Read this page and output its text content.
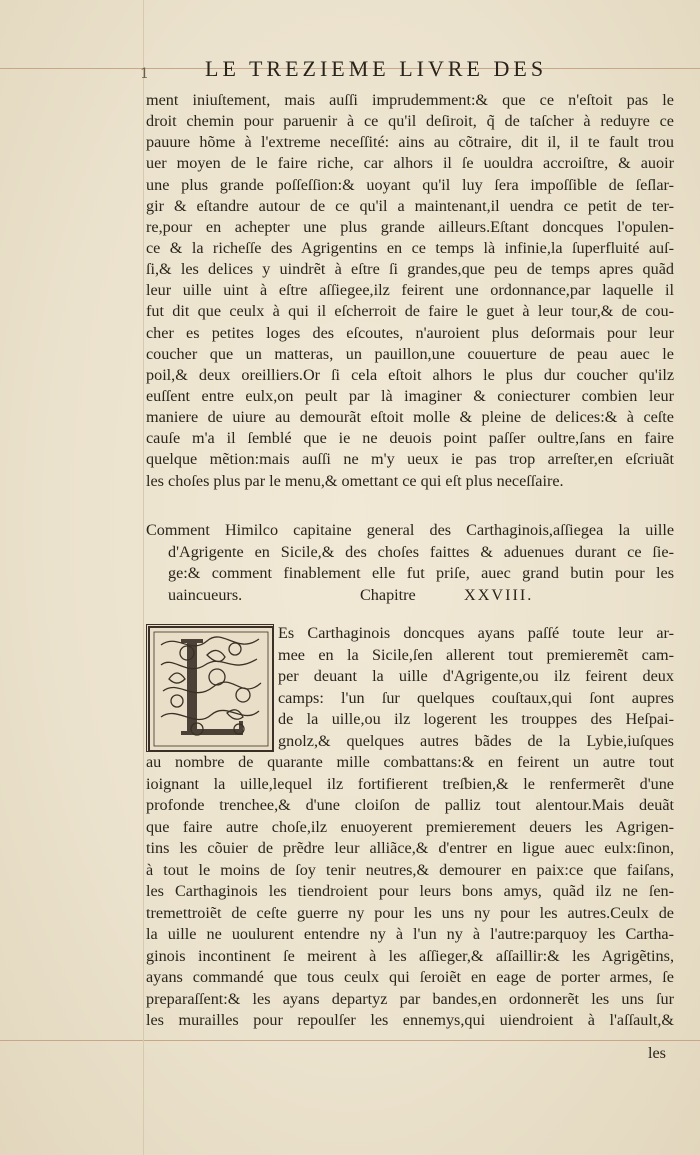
1	LE TREZIEME LIVRE DES
ment iniuſtement, mais auſſi imprudemment:& que ce n'eſtoit pas le
droit chemin pour paruenir à ce qu'il deſiroit, q̃ de taſcher à reduyre ce
pauure hõme à l'extreme neceſſité: ains au cõtraire, dit il, il te fault trou
uer moyen de le faire riche, car alhors il ſe uouldra accroiſtre, & auoir
une plus grande poſſeſſion:& uoyant qu'il luy ſera impoſſible de ſeſlar-
gir & eſtandre autour de ce qu'il a maintenant,il uendra ce petit de ter-
re,pour en achepter une plus grande ailleurs.Eſtant doncques l'opulen-
ce & la richeſſe des Agrigentins en ce temps là infinie,la ſuperfluité auſ-
ſi,& les delices y uindrẽt à eſtre ſi grandes,que peu de temps apres quãd
leur uille uint à eſtre aſſiegee,ilz feirent une ordonnance,par laquelle il
fut dit que ceulx à qui il eſcherroit de faire le guet à leur tour,& de cou-
cher es petites loges des eſcoutes, n'auroient plus deſormais pour leur
coucher que un matteras, un pauillon,une couuerture de peau auec le
poil,& deux oreilliers.Or ſi cela eſtoit alhors le plus dur coucher qu'ilz
euſſent entre eulx,on peult par là imaginer & coniecturer combien leur
maniere de uiure au demourãt eſtoit molle & pleine de delices:& à ceſte
cauſe m'a il ſemblé que ie ne deuois point paſſer oultre,ſans en faire
quelque mẽtion:mais auſſi ne m'y ueux ie pas trop arreſter,en eſcriuãt
les choſes plus par le menu,& omettant ce qui eſt plus neceſſaire.
Comment Himilco capitaine general des Carthaginois,aſſiegea la uille
d'Agrigente en Sicile,& des choſes faittes & aduenues durant ce ſie-
ge:& comment finablement elle fut priſe, auec grand butin pour les
uaincueurs.	Chapitre	XXVIII.
Es Carthaginois doncques ayans paſſé toute leur ar-
mee en la Sicile,ſen allerent tout premieremẽt cam-
per deuant la uille d'Agrigente,ou ilz feirent deux
camps: l'un ſur quelques couſtaux,qui ſont aupres
de la uille,ou ilz logerent les trouppes des Heſpai-
gnolz,& quelques autres bãdes de la Lybie,iuſques
au nombre de quarante mille combattans:& en feirent un autre tout
ioignant la uille,lequel ilz fortifierent treſbien,& le renfermerẽt d'une
profonde trenchee,& d'une cloiſon de palliz tout alentour.Mais deuãt
que faire autre choſe,ilz enuoyerent premierement deuers les Agrigen-
tins les cõuier de prẽdre leur alliãce,& d'entrer en ligue auec eulx:ſinon,
à tout le moins de ſoy tenir neutres,& demourer en paix:ce que faiſans,
les Carthaginois les tiendroient pour leurs bons amys, quãd ilz ne ſen-
tremettroiẽt de ceſte guerre ny pour les uns ny pour les autres.Ceulx de
la uille ne uoulurent entendre ny à l'un ny à l'autre:parquoy les Cartha-
ginois incontinent ſe meirent à les aſſieger,& aſſaillir:& les Agrigẽtins,
ayans commandé que tous ceulx qui ſeroiẽt en eage de porter armes, ſe
preparaſſent:& les ayans departyz par bandes,en ordonnerẽt les uns ſur
les murailles pour repoulſer les ennemys,qui uiendroient à l'aſſault,&
les
